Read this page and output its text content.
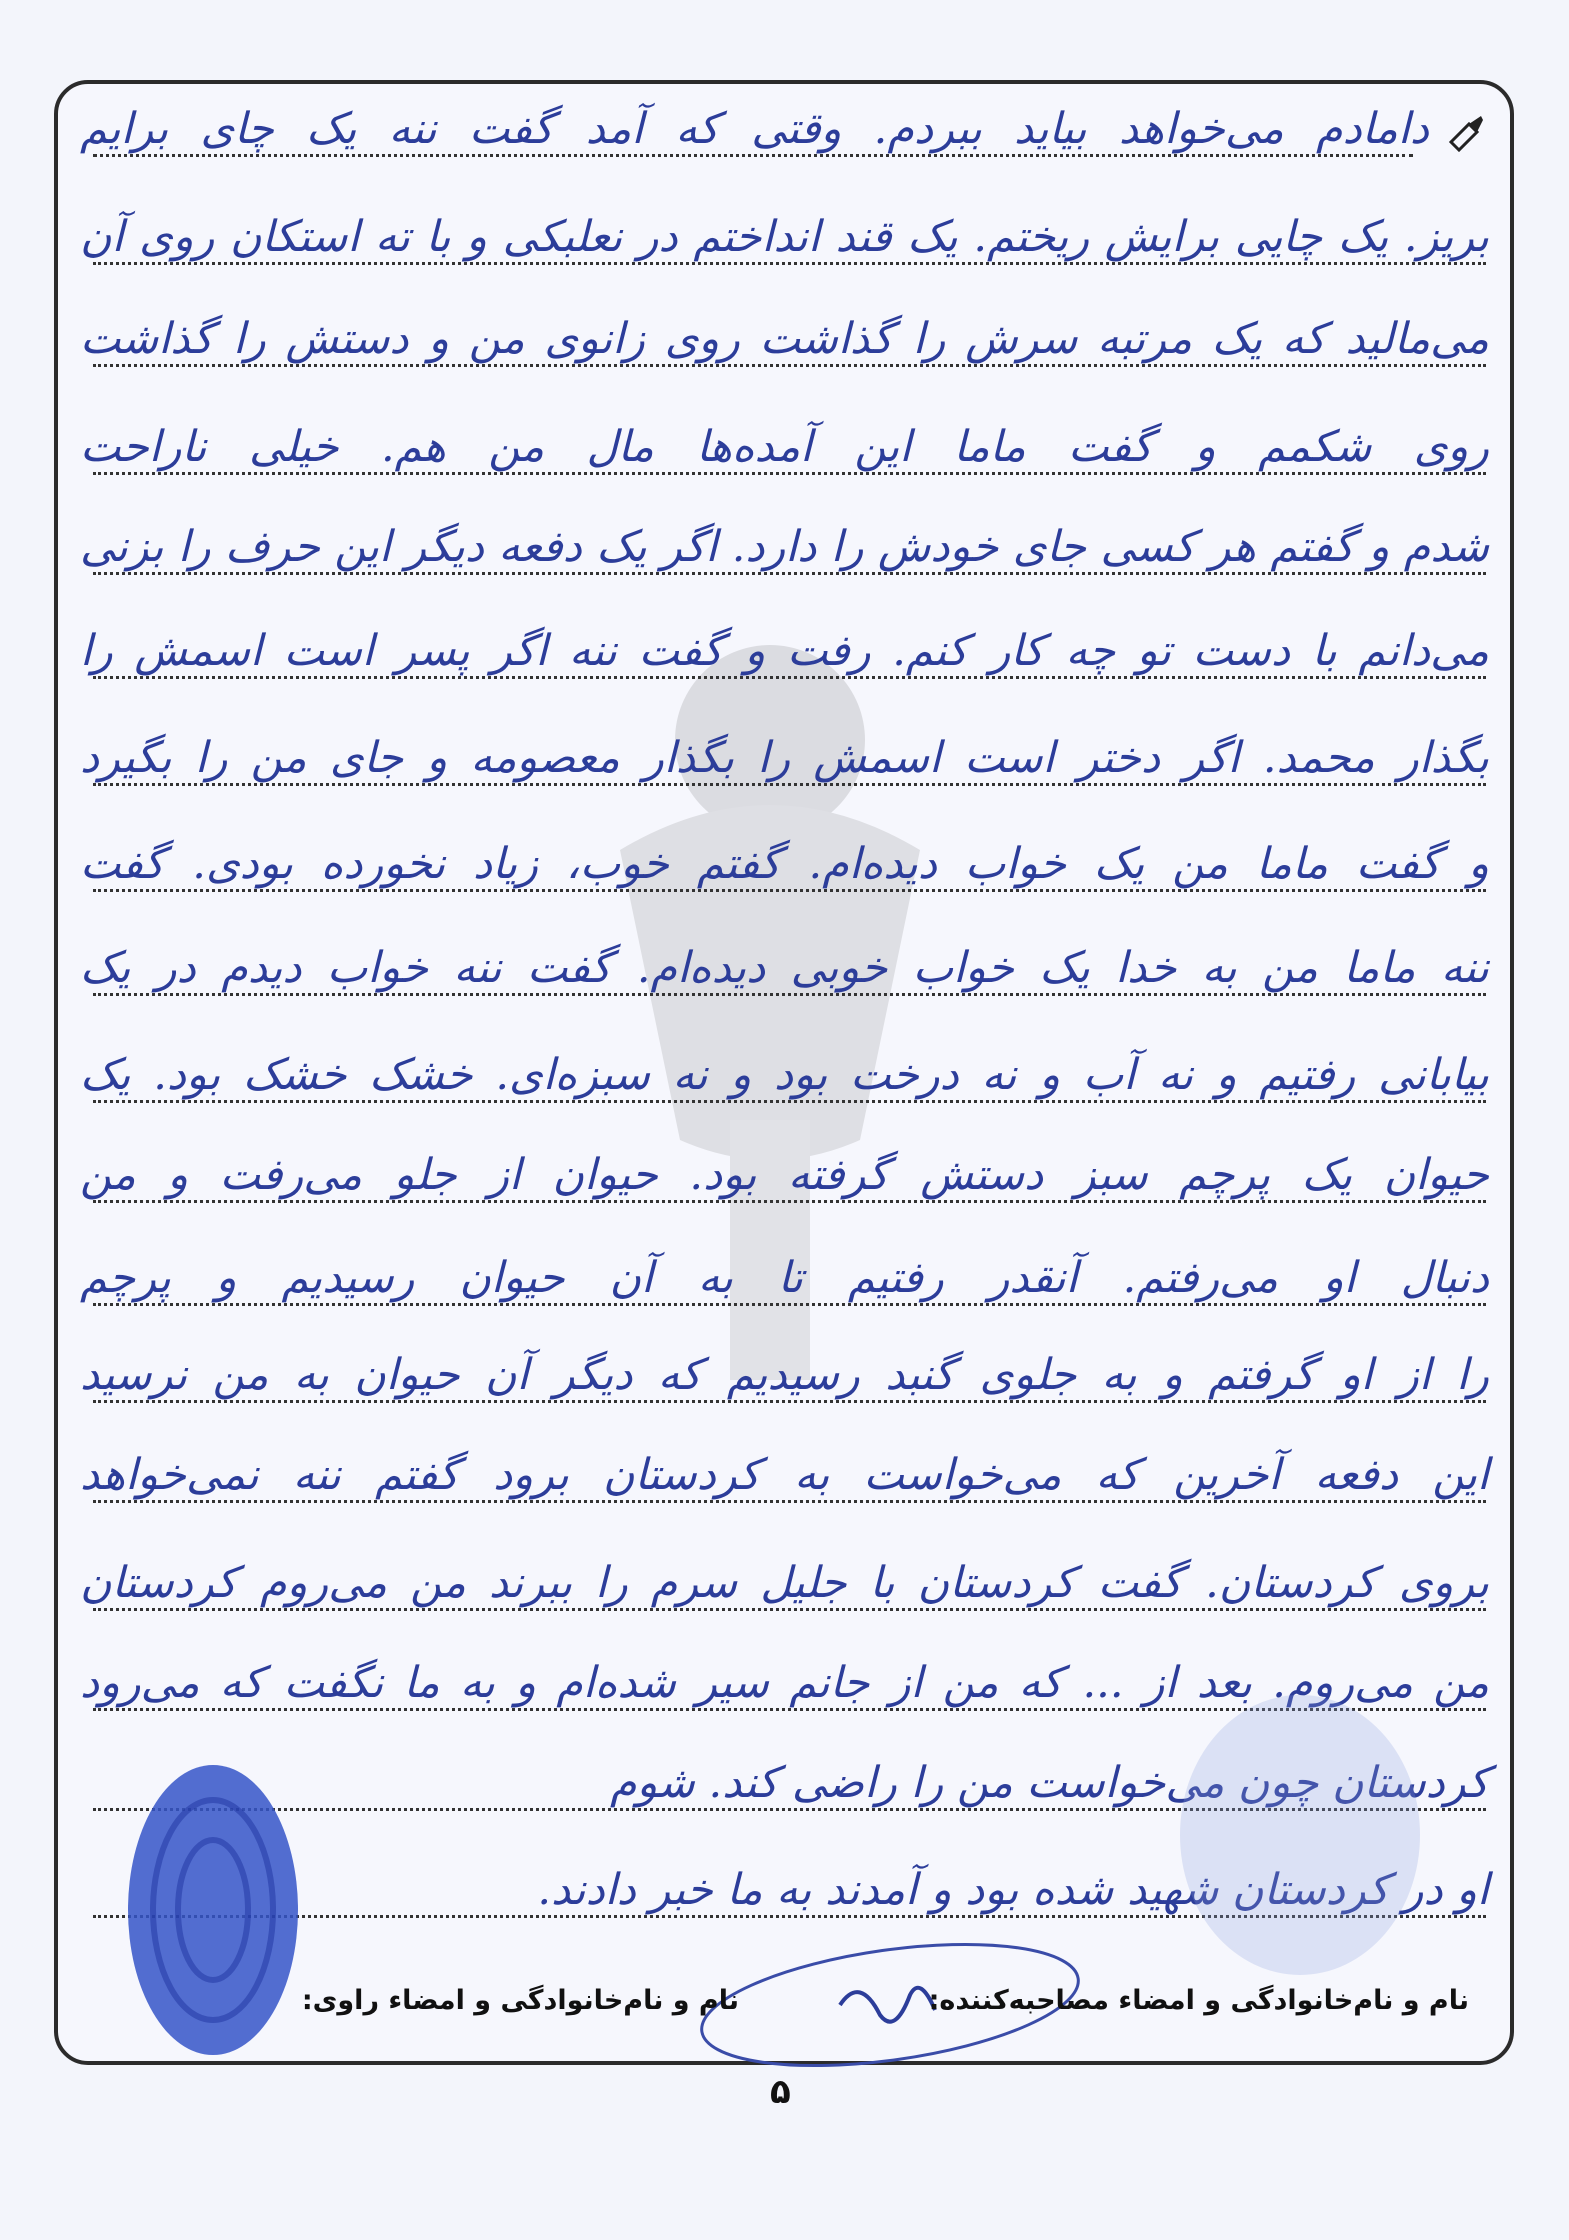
دامادم می‌خواهد بیاید ببردم. وقتی که آمد گفت ننه یک چای برایم
بریز. یک چایی برایش ریختم. یک قند انداختم در نعلبکی و با ته استکان روی آن
می‌مالید که یک مرتبه سرش را گذاشت روی زانوی من و دستش را گذاشت
روی شکمم و گفت ماما این آمده‌ها مال من هم. خیلی ناراحت
شدم و گفتم هر کسی جای خودش را دارد. اگر یک دفعه دیگر این حرف را بزنی
می‌دانم با دست تو چه کار کنم. رفت و گفت ننه اگر پسر است اسمش را
بگذار محمد. اگر دختر است اسمش را بگذار معصومه و جای من را بگیرد
و گفت ماما من یک خواب دیده‌ام. گفتم خوب، زیاد نخورده بودی. گفت
ننه ماما من به خدا یک خواب خوبی دیده‌ام. گفت ننه خواب دیدم در یک
بیابانی رفتیم و نه آب و نه درخت بود و نه سبزه‌ای. خشک خشک بود. یک
حیوان یک پرچم سبز دستش گرفته بود. حیوان از جلو می‌رفت و من
دنبال او می‌رفتم. آنقدر رفتیم تا به آن حیوان رسیدیم و پرچم
را از او گرفتم و به جلوی گنبد رسیدیم که دیگر آن حیوان به من نرسید
این دفعه آخرین که می‌خواست به کردستان برود گفتم ننه نمی‌خواهد
بروی کردستان. گفت کردستان با جلیل سرم را ببرند من می‌روم کردستان
من می‌روم. بعد از ... که من از جانم سیر شده‌ام و به ما نگفت که می‌رود
کردستان چون می‌خواست من را راضی کند. شوم
او در کردستان شهید شده بود و آمدند به ما خبر دادند.
نام و نام‌خانوادگی و امضاء مصاحبه‌کننده:
نام و نام‌خانوادگی و امضاء راوی:
۵
